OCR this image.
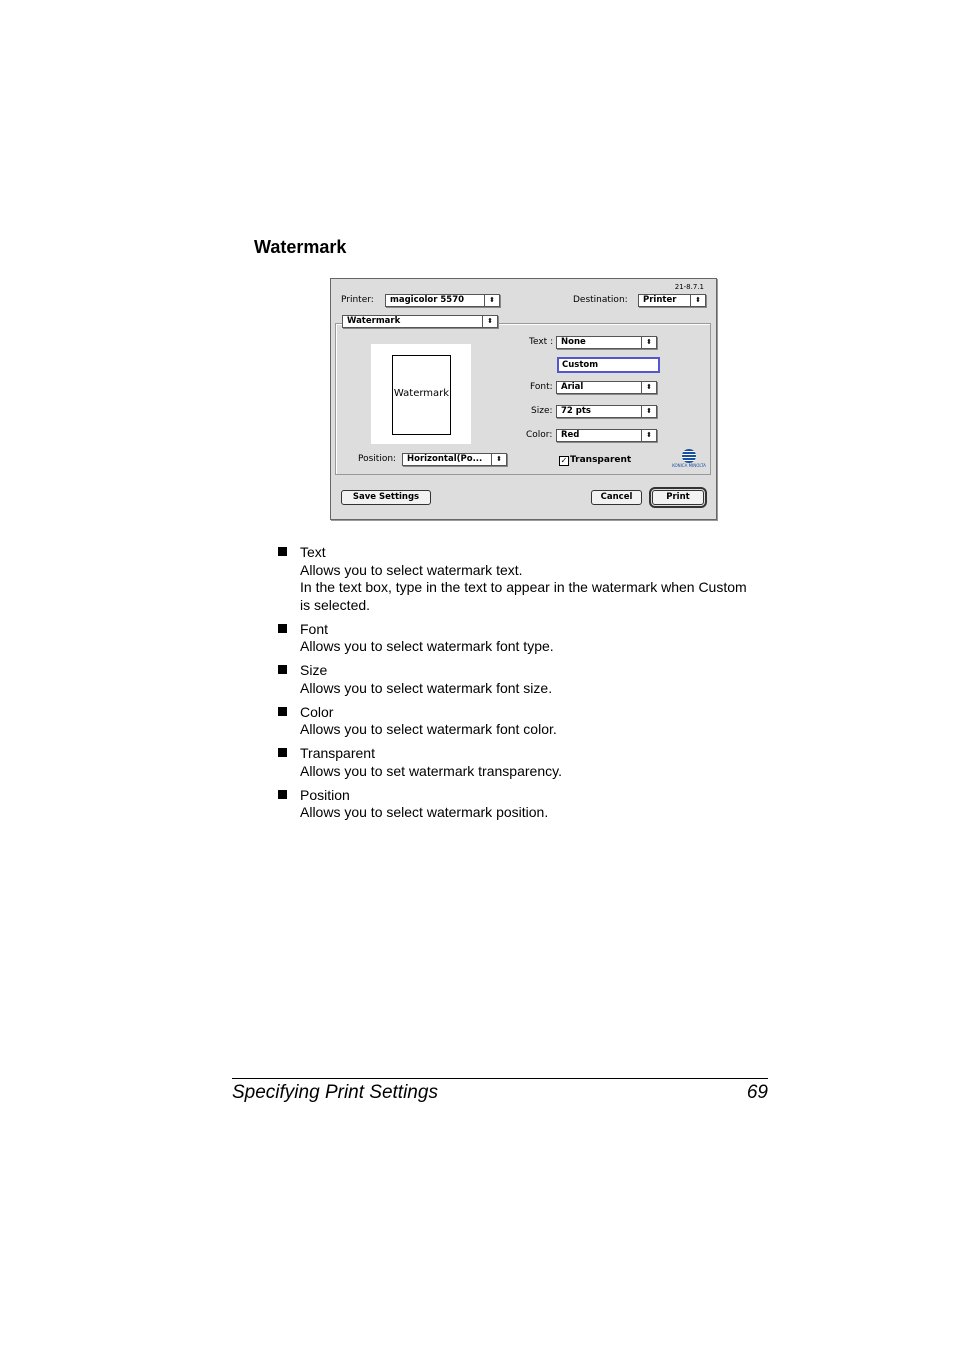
Watermark
21-8.7.1
Printer:	magicolor 5570	⬍	Destination:	Printer	⬍
Watermark	⬍
Watermark
Text : None	⬍
Custom
Font: Arial	⬍
Size: 72 pts	⬍
Color:	Red	⬍
Position:	Horizontal(Po...	⬍	✓ Transparent
KONICA MINOLTA
Save Settings	Cancel	Print
Text
Allows you to select watermark text.
In the text box, type in the text to appear in the watermark when Custom
is selected.
Font
Allows you to select watermark font type.
Size
Allows you to select watermark font size.
Color
Allows you to select watermark font color.
Transparent
Allows you to set watermark transparency.
Position
Allows you to select watermark position.
Specifying Print Settings	69
